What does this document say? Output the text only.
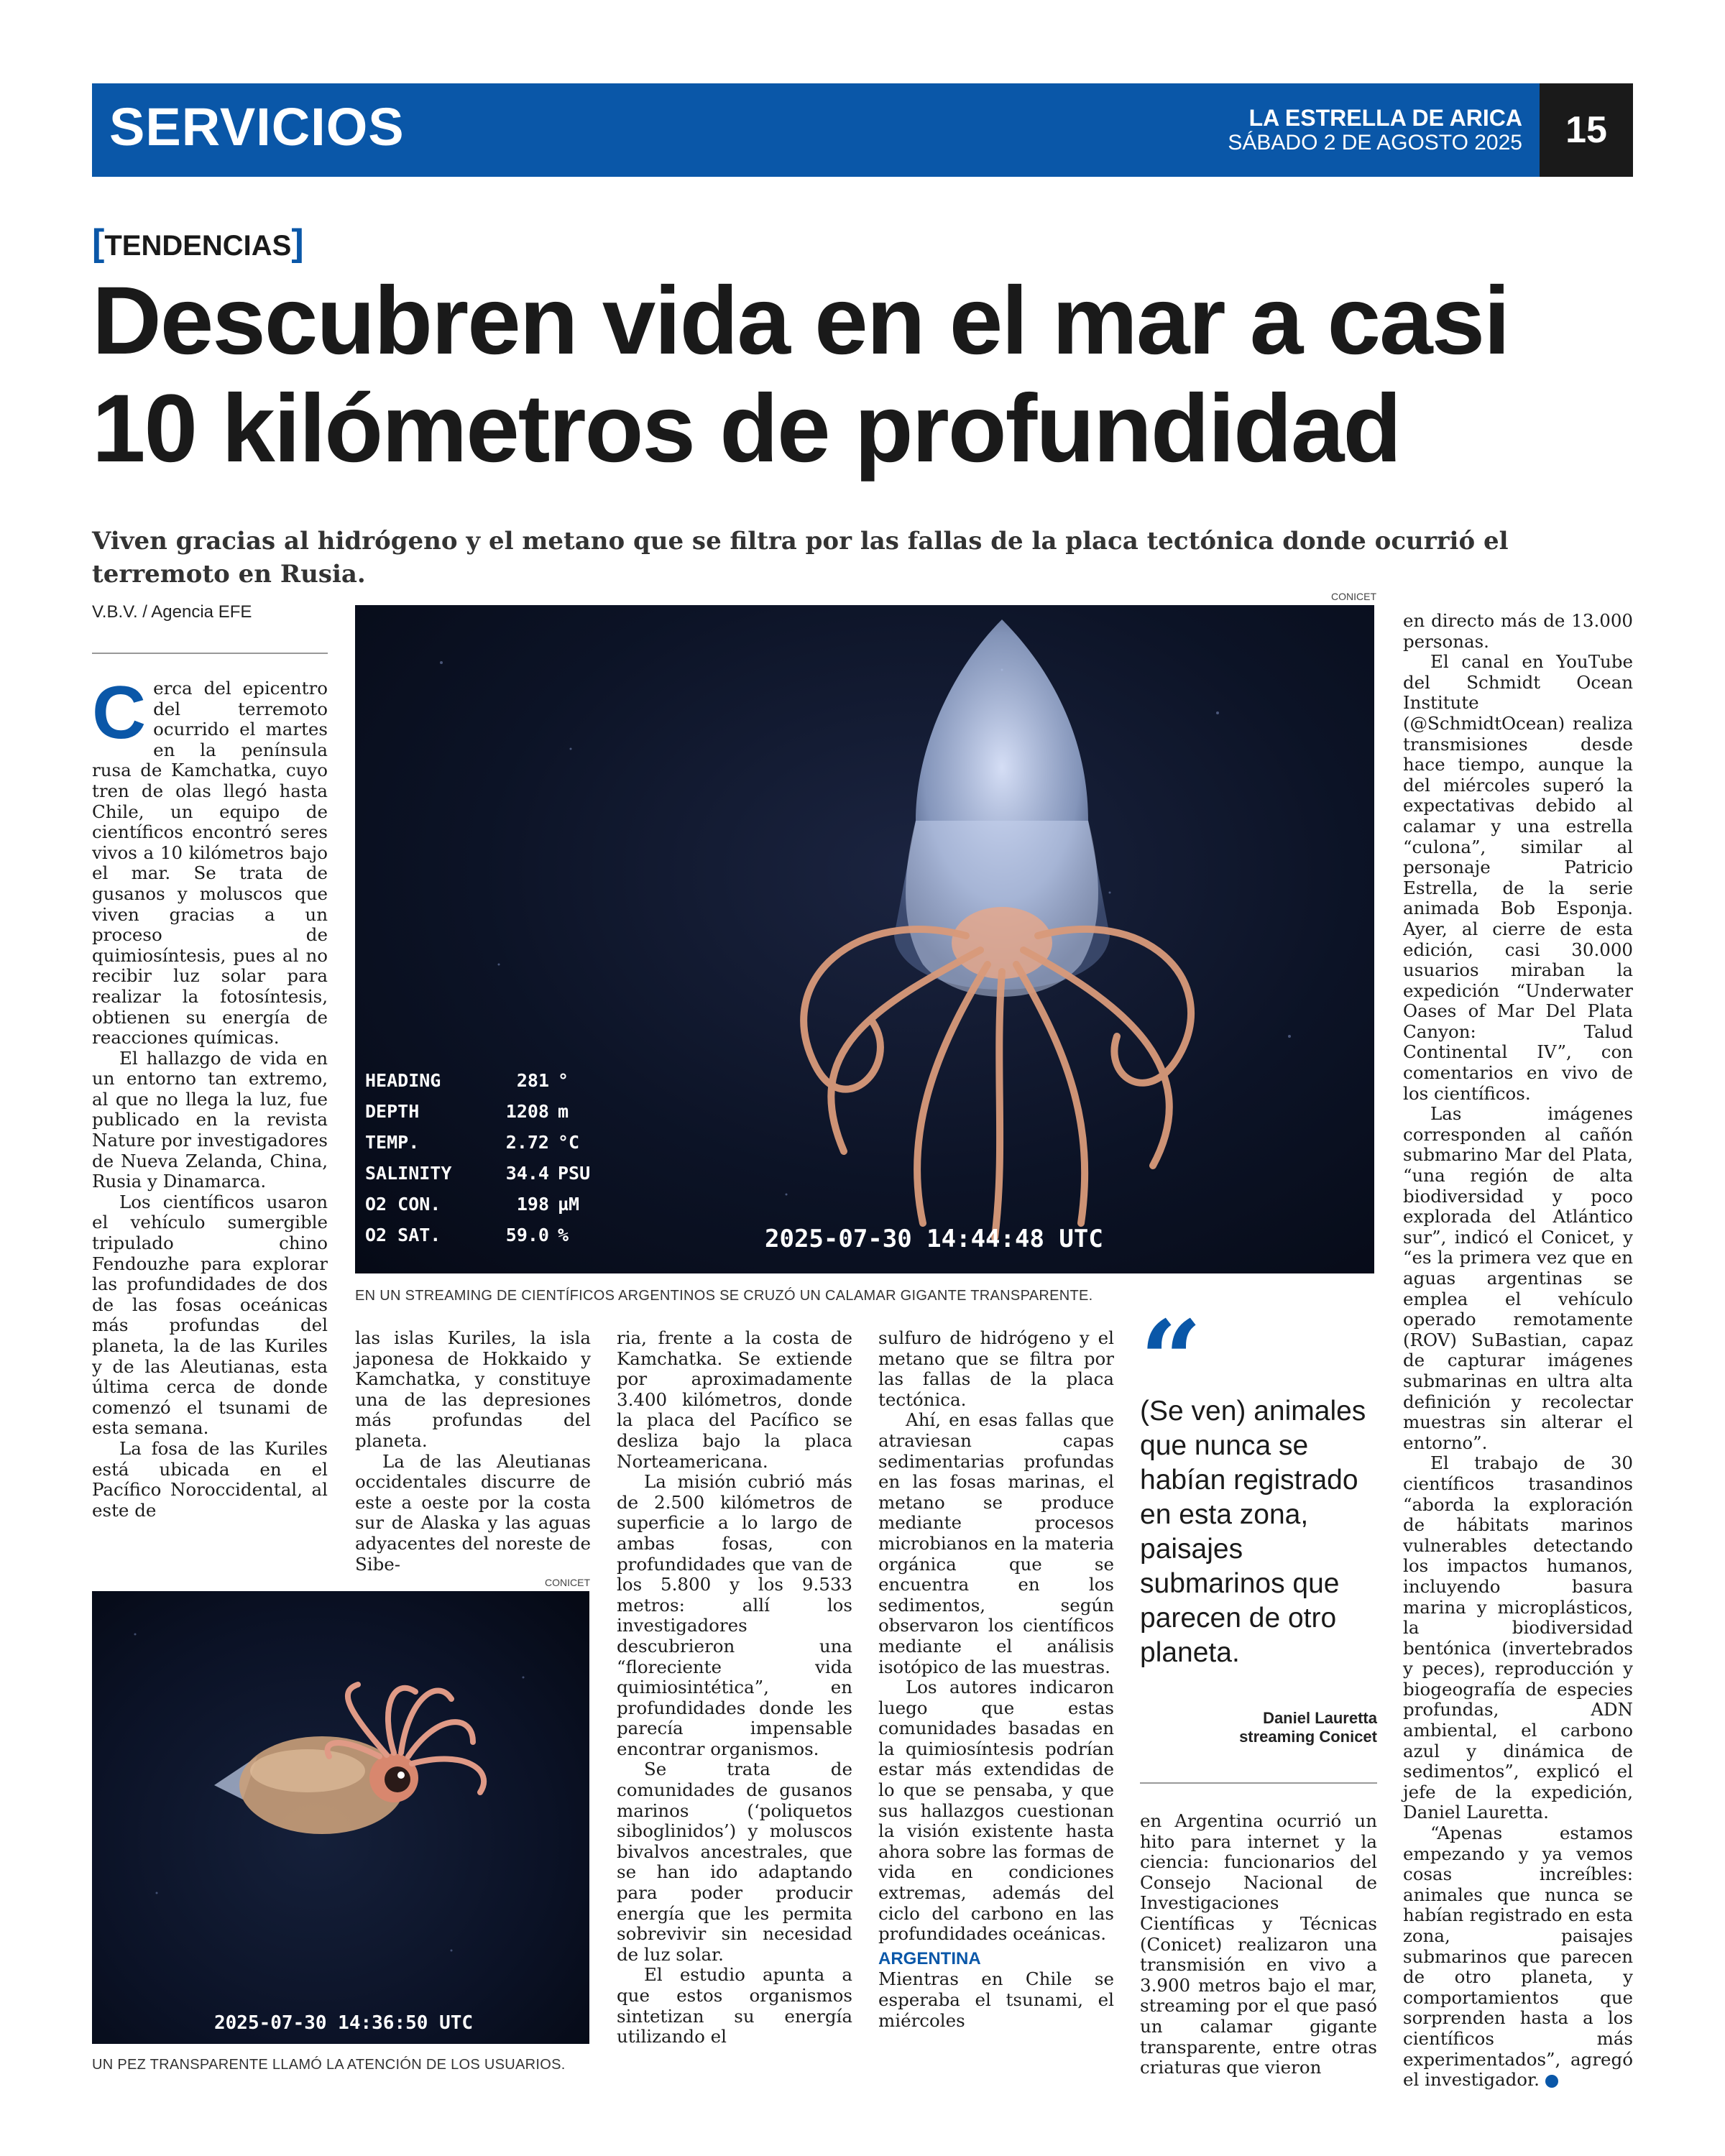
SERVICIOS	LA ESTRELLA DE ARICA
SÁBADO 2 DE AGOSTO 2025	15
[TENDENCIAS]
Descubren vida en el mar a casi
10 kilómetros de profundidad
Viven gracias al hidrógeno y el metano que se filtra por las fallas de la placa tectónica donde ocurrió el terremoto en Rusia.
V.B.V. / Agencia EFE

Cerca del epicentro del terremoto ocurrido el martes en la península rusa de Kamchatka, cuyo tren de olas llegó hasta Chile, un equipo de científicos encontró seres vivos a 10 kilómetros bajo el mar. Se trata de gusanos y moluscos que viven gracias a un proceso de quimiosíntesis, pues al no recibir luz solar para realizar la fotosíntesis, obtienen su energía de reacciones químicas.

El hallazgo de vida en un entorno tan extremo, al que no llega la luz, fue publicado en la revista Nature por investigadores de Nueva Zelanda, China, Rusia y Dinamarca.

Los científicos usaron el vehículo sumergible tripulado chino Fendouzhe para explorar las profundidades de dos de las fosas oceánicas más profundas del planeta, la de las Kuriles y de las Aleutianas, esta última cerca de donde comenzó el tsunami de esta semana.

La fosa de las Kuriles está ubicada en el Pacífico Noroccidental, al este de

CONICET
HEADING	281 °
DEPTH	1208 m
TEMP.	2.72 °C
SALINITY	34.4 PSU
O2 CON.	198 µM
O2 SAT.	59.0 %	2025-07-30 14:44:48 UTC
EN UN STREAMING DE CIENTÍFICOS ARGENTINOS SE CRUZÓ UN CALAMAR GIGANTE TRANSPARENTE.

las islas Kuriles, la isla japonesa de Hokkaido y Kamchatka, y constituye una de las depresiones más profundas del planeta.

La de las Aleutianas occidentales discurre de este a oeste por la costa sur de Alaska y las aguas adyacentes del noreste de Sibe-

CONICET
2025-07-30 14:36:50 UTC
UN PEZ TRANSPARENTE LLAMÓ LA ATENCIÓN DE LOS USUARIOS.

ria, frente a la costa de Kamchatka. Se extiende por aproximadamente 3.400 kilómetros, donde la placa del Pacífico se desliza bajo la placa Norteamericana.

La misión cubrió más de 2.500 kilómetros de superficie a lo largo de ambas fosas, con profundidades que van de los 5.800 y los 9.533 metros: allí los investigadores descubrieron una “floreciente vida quimiosintética”, en profundidades donde les parecía impensable encontrar organismos.

Se trata de comunidades de gusanos marinos (‘poliquetos siboglinidos’) y moluscos bivalvos ancestrales, que se han ido adaptando para poder producir energía que les permita sobrevivir sin necesidad de luz solar.

El estudio apunta a que estos organismos sintetizan su energía utilizando el

sulfuro de hidrógeno y el metano que se filtra por las fallas de la placa tectónica.

Ahí, en esas fallas que atraviesan capas sedimentarias profundas en las fosas marinas, el metano se produce mediante procesos microbianos en la materia orgánica que se encuentra en los sedimentos, según observaron los científicos mediante el análisis isotópico de las muestras.

Los autores indicaron luego que estas comunidades basadas en la quimiosíntesis podrían estar más extendidas de lo que se pensaba, y que sus hallazgos cuestionan la visión existente hasta ahora sobre las formas de vida en condiciones extremas, además del ciclo del carbono en las profundidades oceánicas.

ARGENTINA

Mientras en Chile se esperaba el tsunami, el miércoles

“
(Se ven) animales que nunca se habían registrado en esta zona, paisajes submarinos que parecen de otro planeta.
Daniel Lauretta
streaming Conicet

en Argentina ocurrió un hito para internet y la ciencia: funcionarios del Consejo Nacional de Investigaciones Científicas y Técnicas (Conicet) realizaron una transmisión en vivo a 3.900 metros bajo el mar, streaming por el que pasó un calamar gigante transparente, entre otras criaturas que vieron

en directo más de 13.000 personas.

El canal en YouTube del Schmidt Ocean Institute (@SchmidtOcean) realiza transmisiones desde hace tiempo, aunque la del miércoles superó la expectativas debido al calamar y una estrella “culona”, similar al personaje Patricio Estrella, de la serie animada Bob Esponja. Ayer, al cierre de esta edición, casi 30.000 usuarios miraban la expedición “Underwater Oases of Mar Del Plata Canyon: Talud Continental IV”, con comentarios en vivo de los científicos.

Las imágenes corresponden al cañón submarino Mar del Plata, “una región de alta biodiversidad y poco explorada del Atlántico sur”, indicó el Conicet, y “es la primera vez que en aguas argentinas se emplea el vehículo operado remotamente (ROV) SuBastian, capaz de capturar imágenes submarinas en ultra alta definición y recolectar muestras sin alterar el entorno”.

El trabajo de 30 científicos trasandinos “aborda la exploración de hábitats marinos vulnerables detectando los impactos humanos, incluyendo basura marina y microplásticos, la biodiversidad bentónica (invertebrados y peces), reproducción y biogeografía de especies profundas, ADN ambiental, el carbono azul y dinámica de sedimentos”, explicó el jefe de la expedición, Daniel Lauretta.

“Apenas estamos empezando y ya vemos cosas increíbles: animales que nunca se habían registrado en esta zona, paisajes submarinos que parecen de otro planeta, y comportamientos que sorprenden hasta a los científicos más experimentados”, agregó el investigador.
